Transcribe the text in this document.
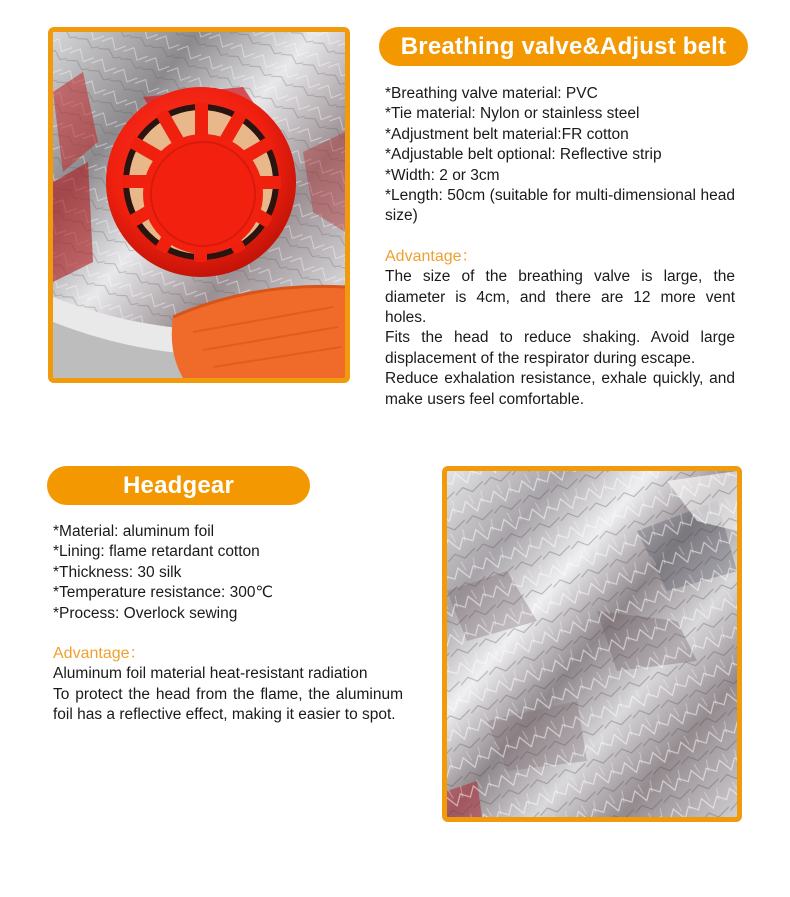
Breathing valve&Adjust belt
*Breathing valve material: PVC
*Tie material: Nylon or stainless steel
*Adjustment belt material:FR cotton
*Adjustable belt optional: Reflective strip
*Width: 2 or 3cm
*Length: 50cm (suitable for multi-dimensional head size)
Advantage：
The size of the breathing valve is large, the diameter is 4cm, and there are 12 more vent holes.
Fits the head to reduce shaking. Avoid large displacement of the respirator during escape.
Reduce exhalation resistance, exhale quickly, and make users feel comfortable.
Headgear
*Material: aluminum foil
*Lining: flame retardant cotton
*Thickness: 30 silk
*Temperature resistance: 300℃
*Process: Overlock sewing
Advantage：
Aluminum foil material heat-resistant radiation
To protect the head from the flame, the aluminum foil has a reflective effect, making it easier to spot.
